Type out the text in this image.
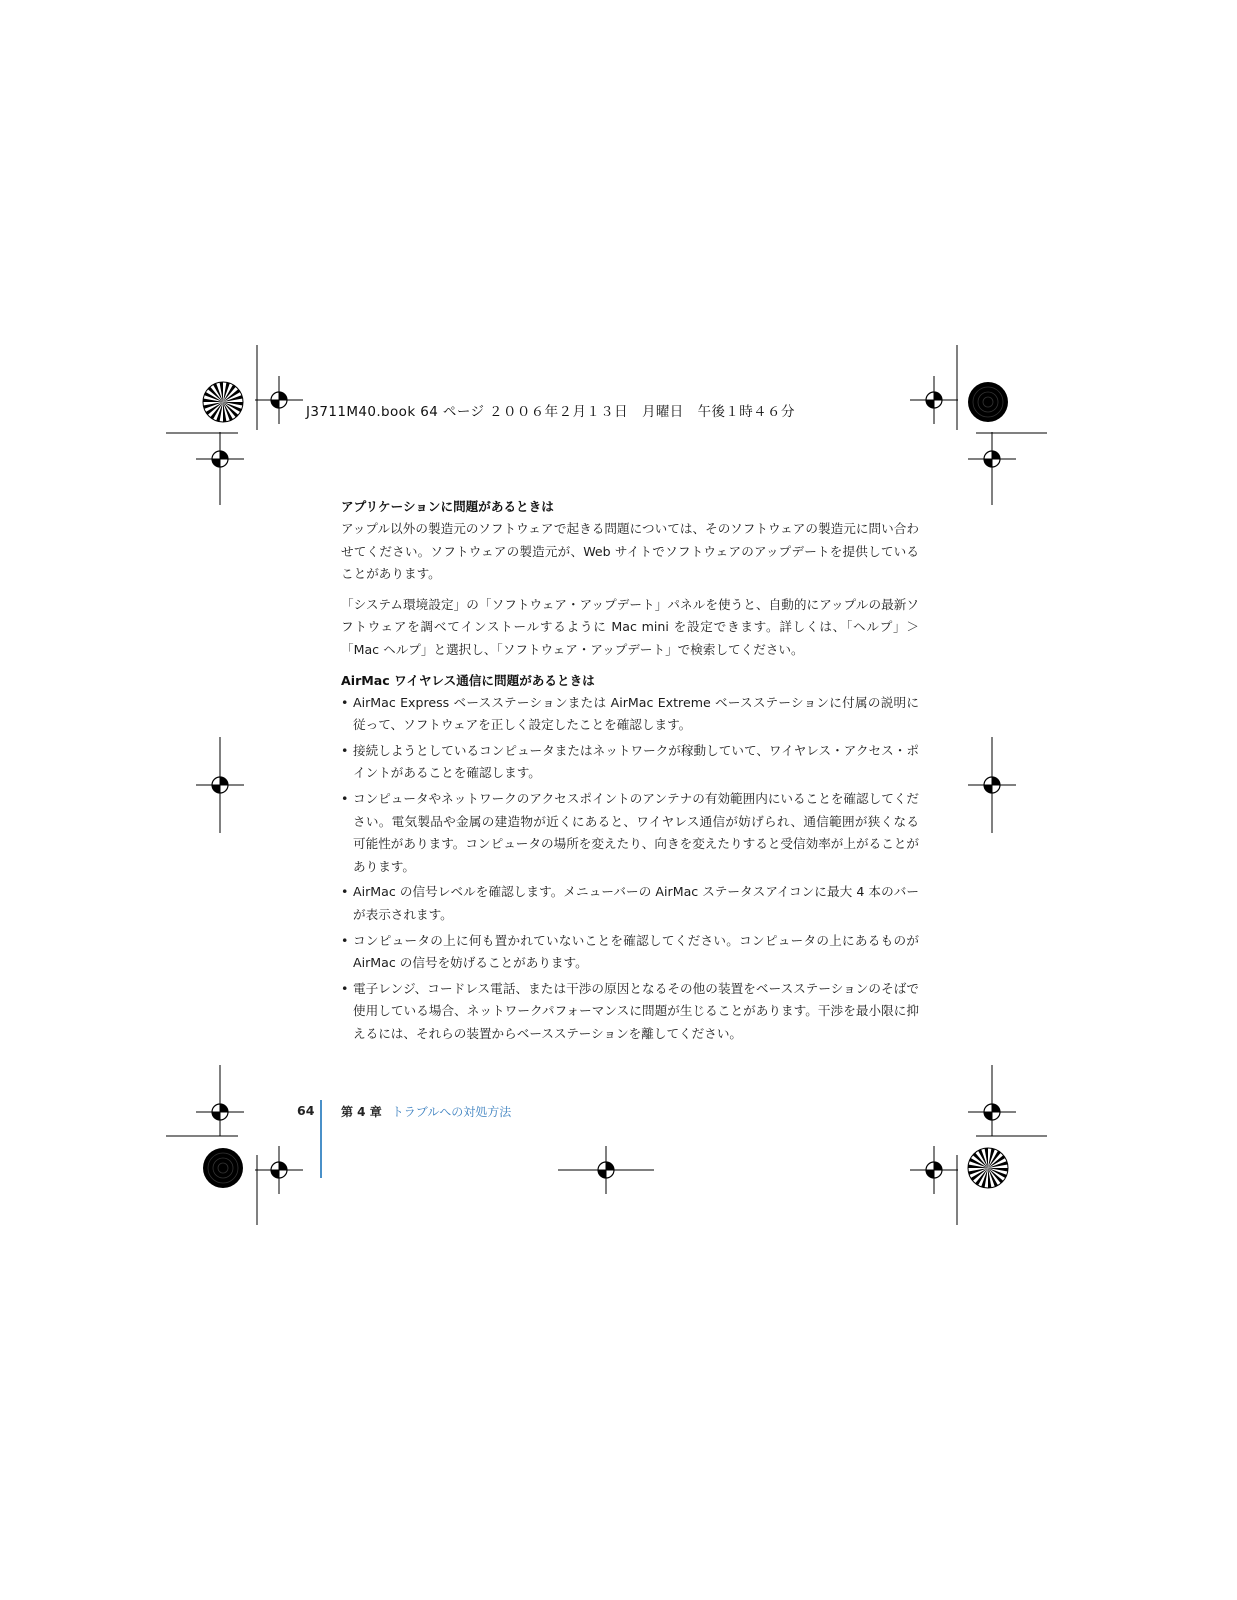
J3711M40.book 64 ページ ２００６年２月１３日　月曜日　午後１時４６分
アプリケーションに問題があるときは

アップル以外の製造元のソフトウェアで起きる問題については、そのソフトウェアの製造元に問い合わせてください。ソフトウェアの製造元が、Web サイトでソフトウェアのアップデートを提供していることがあります。

「システム環境設定」の「ソフトウェア・アップデート」パネルを使うと、自動的にアップルの最新ソフトウェアを調べてインストールするように Mac mini を設定できます。詳しくは、「ヘルプ」＞「Mac ヘルプ」と選択し、「ソフトウェア・アップデート」で検索してください。

AirMac ワイヤレス通信に問題があるときは
• AirMac Express ベースステーションまたは AirMac Extreme ベースステーションに付属の説明に従って、ソフトウェアを正しく設定したことを確認します。
• 接続しようとしているコンピュータまたはネットワークが稼動していて、ワイヤレス・アクセス・ポイントがあることを確認します。
• コンピュータやネットワークのアクセスポイントのアンテナの有効範囲内にいることを確認してください。電気製品や金属の建造物が近くにあると、ワイヤレス通信が妨げられ、通信範囲が狭くなる可能性があります。コンピュータの場所を変えたり、向きを変えたりすると受信効率が上がることがあります。
• AirMac の信号レベルを確認します。メニューバーの AirMac ステータスアイコンに最大 4 本のバーが表示されます。
• コンピュータの上に何も置かれていないことを確認してください。コンピュータの上にあるものが AirMac の信号を妨げることがあります。
• 電子レンジ、コードレス電話、または干渉の原因となるその他の装置をベースステーションのそばで使用している場合、ネットワークパフォーマンスに問題が生じることがあります。干渉を最小限に抑えるには、それらの装置からベースステーションを離してください。
64 第 4 章 トラブルへの対処方法
